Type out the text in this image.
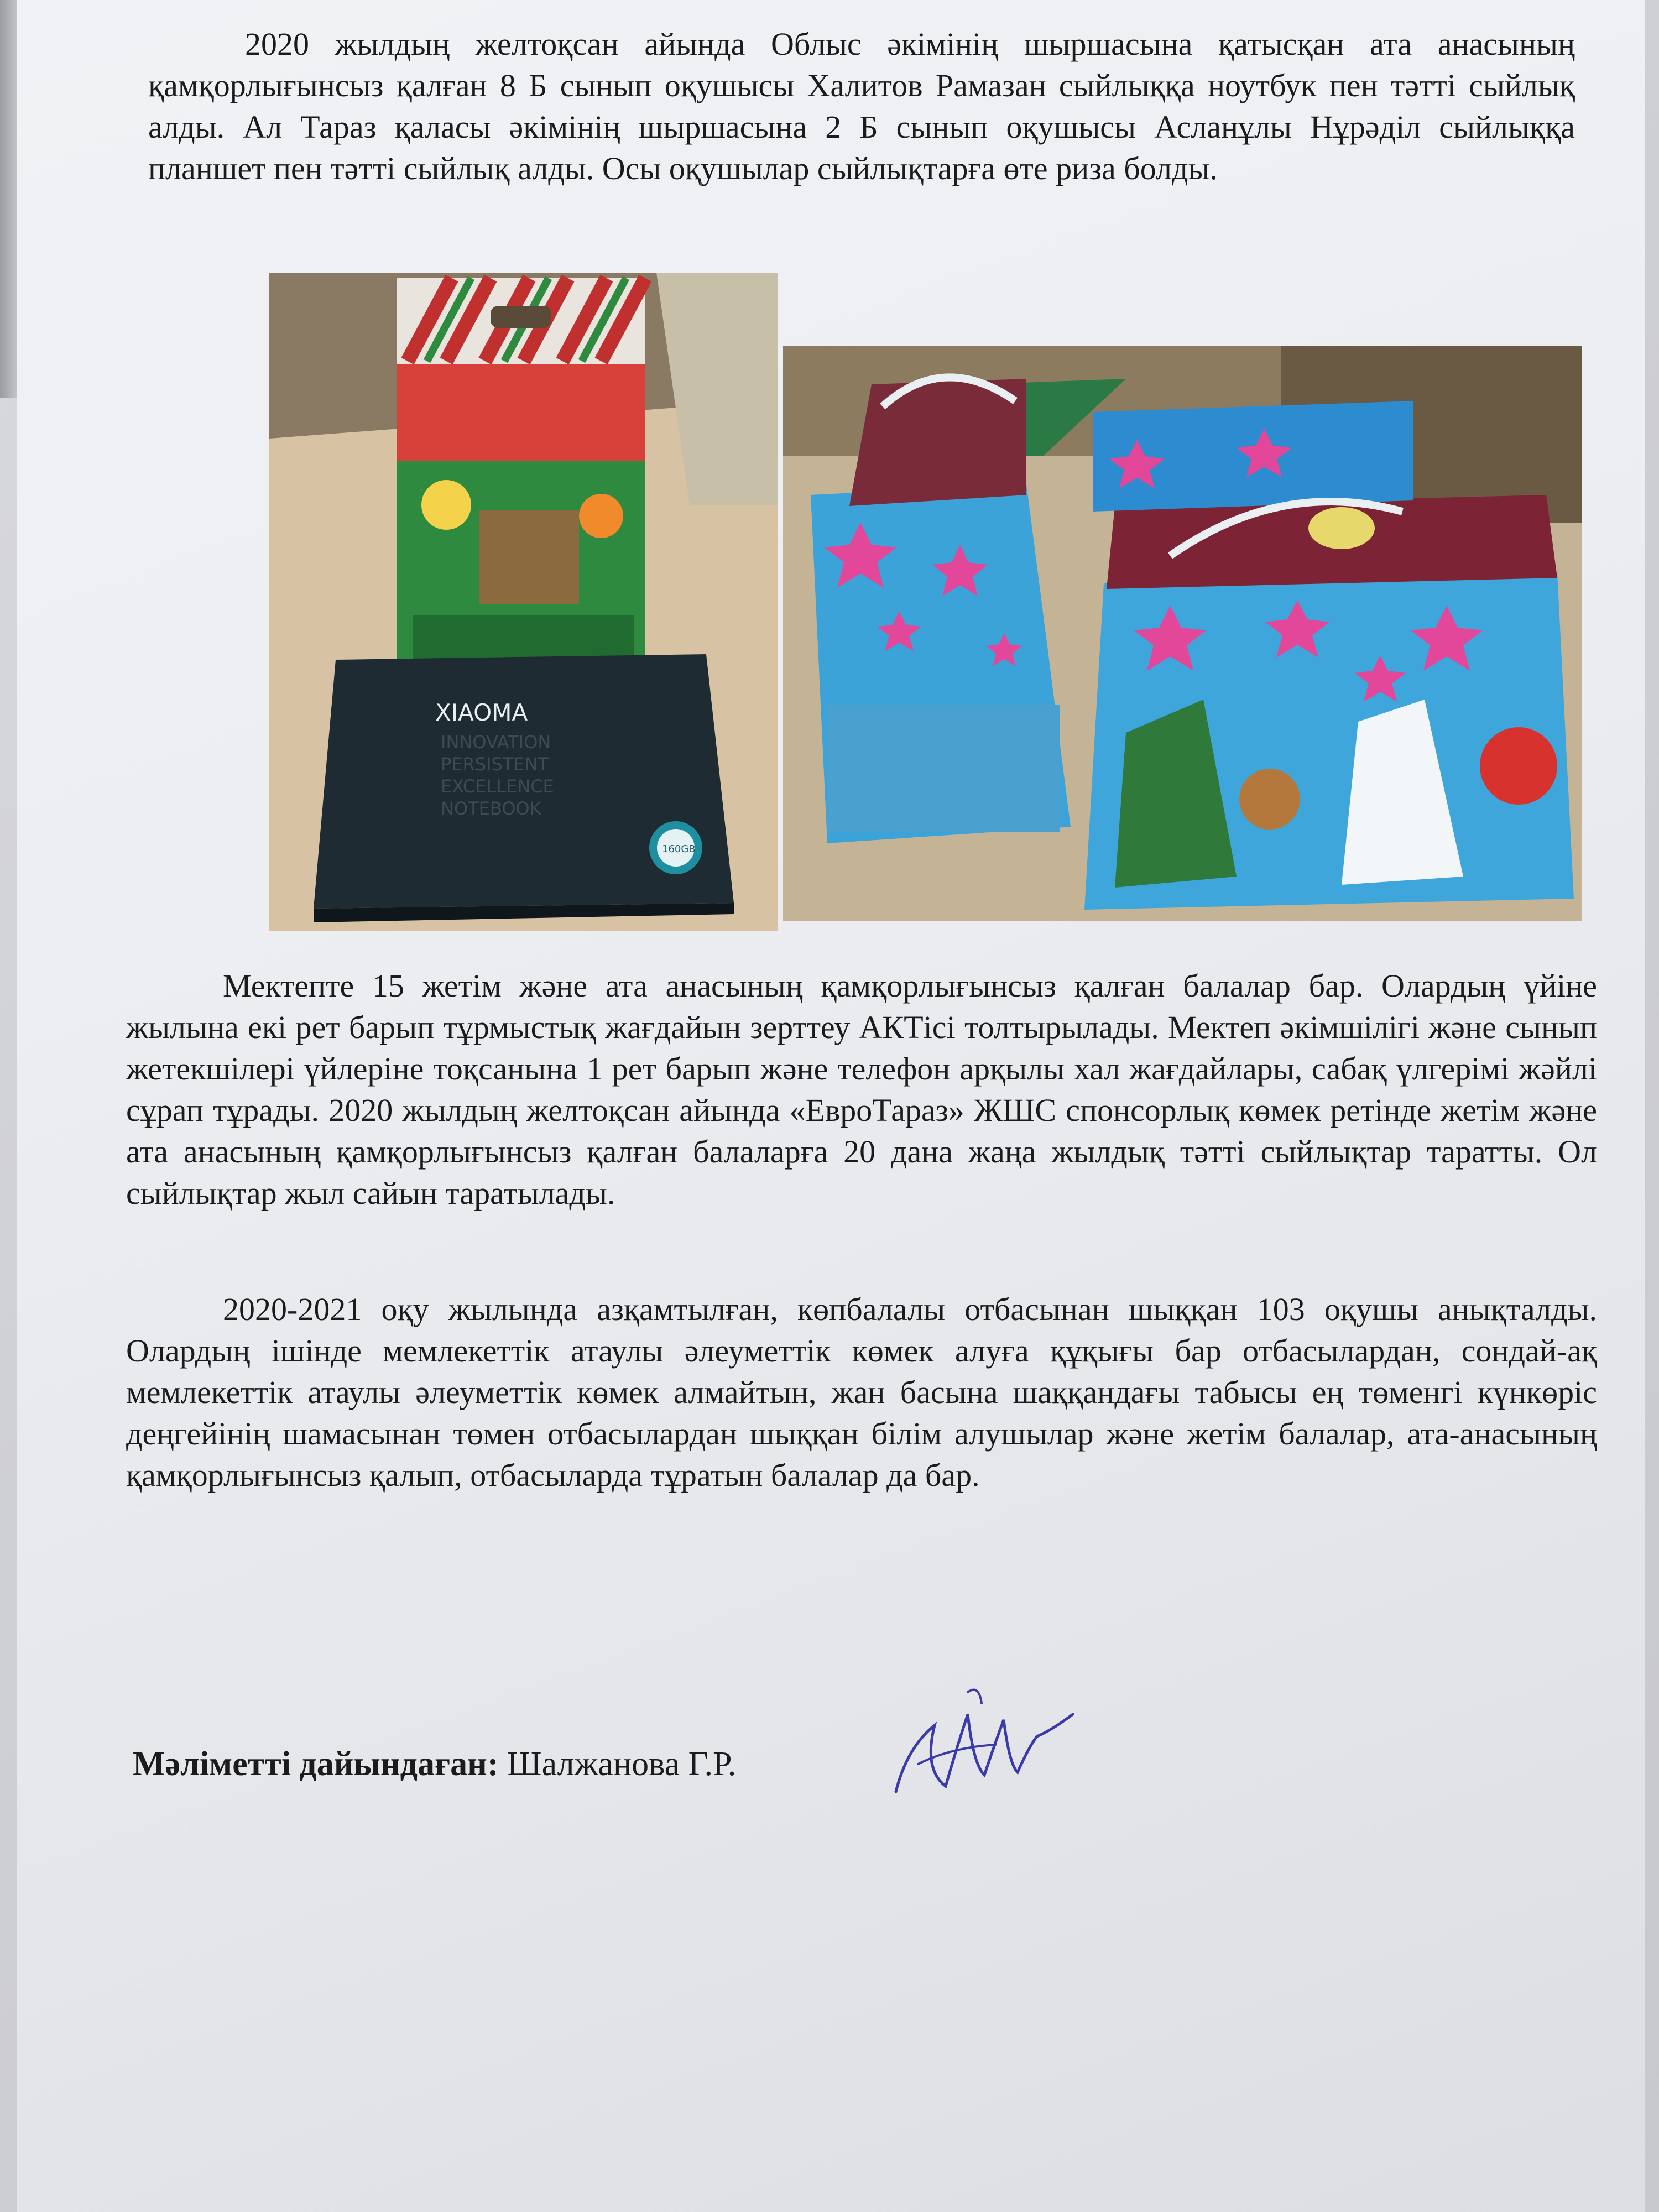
2020 жылдың желтоқсан айында Облыс әкімінің шыршасына қатысқан ата анасының қамқорлығынсыз қалған 8 Б сынып оқушысы Халитов Рамазан сыйлыққа ноутбук пен тәтті сыйлық алды. Ал Тараз қаласы әкімінің шыршасына 2 Б сынып оқушысы Асланұлы Нұрәділ сыйлыққа планшет пен тәтті сыйлық алды. Осы оқушылар сыйлықтарға өте риза болды.

XIAOMA
INNOVATION
PERSISTENT
EXCELLENCE
NOTEBOOK
160GB

Мектепте 15 жетім және ата анасының қамқорлығынсыз қалған балалар бар. Олардың үйіне жылына екі рет барып тұрмыстық жағдайын зерттеу АКТісі толтырылады. Мектеп әкімшілігі және сынып жетекшілері үйлеріне тоқсанына 1 рет барып және телефон арқылы хал жағдайлары, сабақ үлгерімі жәйлі сұрап тұрады. 2020 жылдың желтоқсан айында «ЕвроТараз» ЖШС спонсорлық көмек ретінде жетім және ата анасының қамқорлығынсыз қалған балаларға 20 дана жаңа жылдық тәтті сыйлықтар таратты. Ол сыйлықтар жыл сайын таратылады.

2020-2021 оқу жылында азқамтылған, көпбалалы отбасынан шыққан 103 оқушы анықталды. Олардың ішінде мемлекеттік атаулы әлеуметтік көмек алуға құқығы бар отбасылардан, сондай-ақ мемлекеттік атаулы әлеуметтік көмек алмайтын, жан басына шаққандағы табысы ең төменгі күнкөріс деңгейінің шамасынан төмен отбасылардан шыққан білім алушылар және жетім балалар, ата-анасының қамқорлығынсыз қалып, отбасыларда тұратын балалар да бар.

Мәліметті дайындаған: Шалжанова Г.Р.
